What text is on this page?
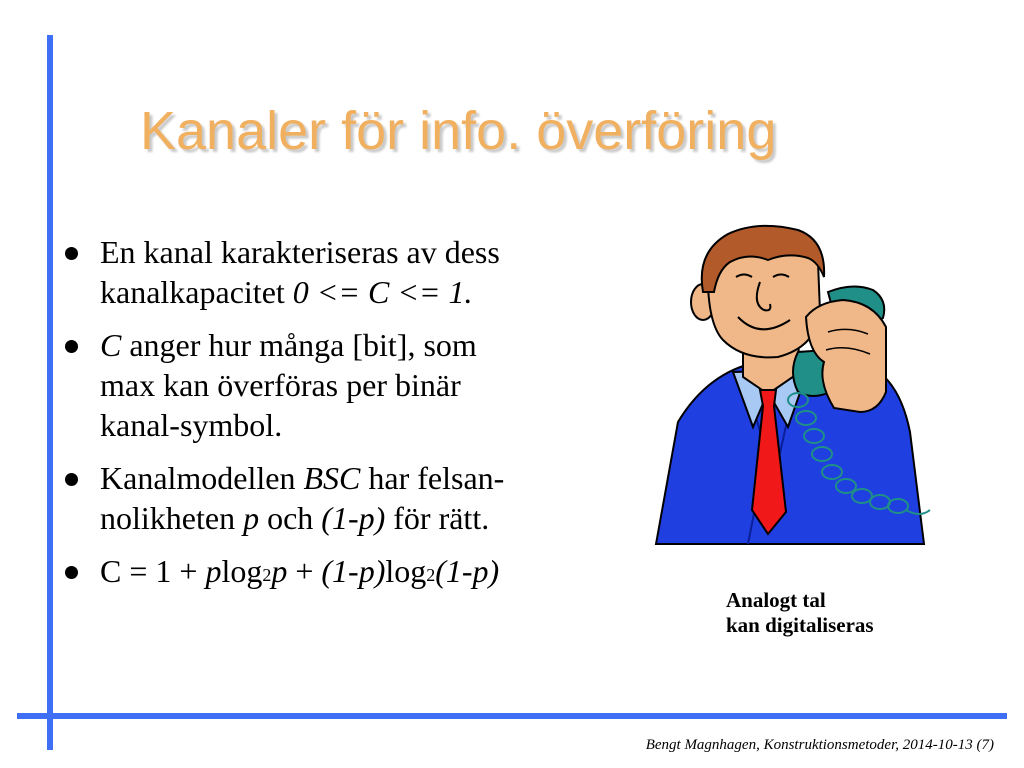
Kanaler för info. överföring
En kanal karakteriseras av dess
kanalkapacitet 0 <= C <= 1.
C anger hur många [bit], som
max kan överföras per binär
kanal-symbol.
Kanalmodellen BSC har felsan-
nolikheten p och (1-p) för rätt.
$C = 1 + plog_2p + (1-p)\log_2(1-p)$
Analogt tal
kan digitaliseras
Bengt Magnhagen, Konstruktionsmetoder, 2014-10-13 (7)
